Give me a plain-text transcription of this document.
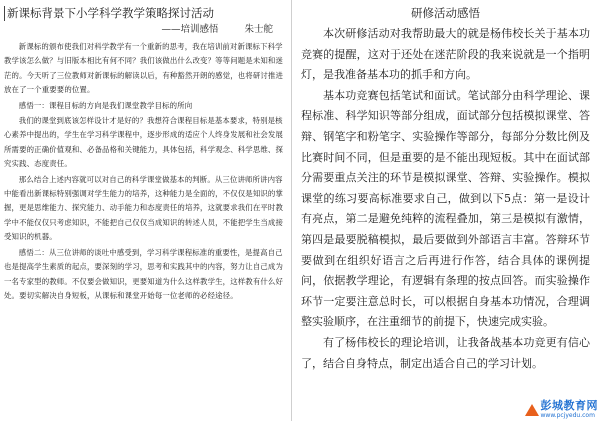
新课标背景下小学科学教学策略探讨活动
——培训感悟	朱士舵

新课标的颁布使我们对科学教学有一个重新的思考，我在培训前对新课标下科学教学该怎么做？与旧版本相比有何不同？我们该做出什么改变？等等问题是未知和迷茫的。今天听了三位教师对新课标的解读以后，有种豁然开朗的感觉，也将研讨推进放在了一个重要要的位置。

感悟一：课程目标的方向是我们课堂教学目标的所向

我们的课堂到底该怎样设计才是好的？我想符合课程目标是基本要求，特别是核心素养中提出的，学生在学习科学课程中，逐步形成的适应个人终身发展和社会发展所需要的正确价值观和、必备品格和关键能力，具体包括，科学观念、科学思维、探究实践、态度责任。

那么结合上述内容就可以对自己的科学课堂做基本的判断。从三位讲师所讲内容中能看出新课标特别强调对学生能力的培养，这种能力是全面的，不仅仅是知识的掌握，更是思维能力、探究能力、动手能力和态度责任的培养，这就要求我们在平时教学中不能仅仅只考虑知识，不能把自己仅仅当成知识的转述人员，不能把学生当成接受知识的机器。

感悟二：从三位讲师的谈吐中感受到，学习科学课程标准的重要性，是提高自己也是提高学生素质的起点，要深刻的学习，思考和实践其中的内容，努力让自己成为一名专家型的教师。不仅要会做知识，更要知道为什么这样教学生，这样教有什么好处。要切实解决自身短板，从课标和课堂开始每一位老师的必经途径。

研修活动感悟

本次研修活动对我帮助最大的就是杨伟校长关于基本功竞赛的提醒，这对于还处在迷茫阶段的我来说就是一个指明灯，是我准备基本功的抓手和方向。

基本功竞赛包括笔试和面试。笔试部分由科学理论、课程标准、科学知识等部分组成，面试部分包括模拟课堂、答辩、钢笔字和粉笔字、实验操作等部分，每部分分数比例及比赛时间不同，但是重要的是不能出现短板。其中在面试部分需要重点关注的环节是模拟课堂、答辩、实验操作。模拟课堂的练习要高标准要求自己，做到以下5点：第一是设计有亮点，第二是避免纯粹的流程叠加，第三是模拟有激情，第四是最要脱稿模拟，最后要做到外部语言丰富。答辩环节要做到在组织好语言之后再进行作答，结合具体的课例提问，依据教学理论，有逻辑有条理的按点回答。而实验操作环节一定要注意总时长，可以根据自身基本功情况，合理调整实验顺序，在注重细节的前提下，快速完成实验。

有了杨伟校长的理论培训，让我备战基本功竞更有信心了，结合自身特点，制定出适合自己的学习计划。

彭城教育网
www.pcjyedu.com
